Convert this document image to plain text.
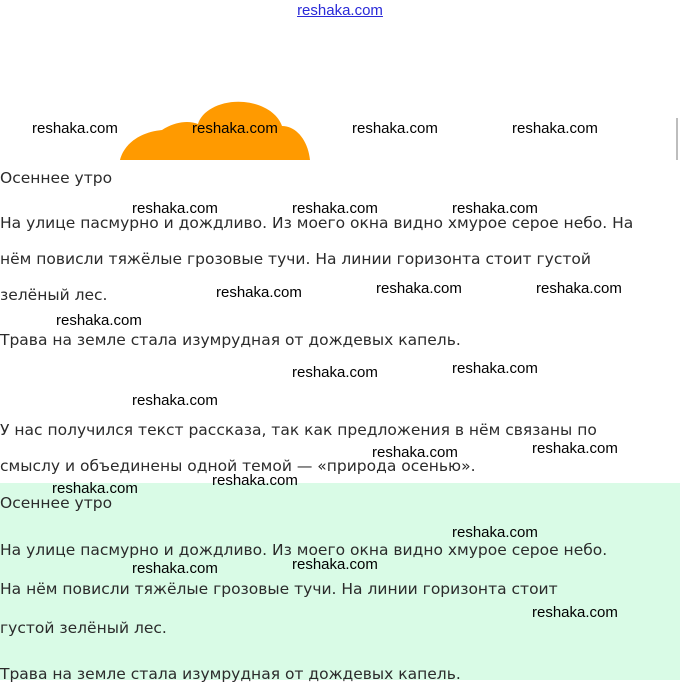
reshaka.com

Осеннее утро

На улице пасмурно и дождливо. Из моего окна видно хмурое серое небо. На

нём повисли тяжёлые грозовые тучи. На линии горизонта стоит густой

зелёный лес.

Трава на земле стала изумрудная от дождевых капель.

У нас получился текст рассказа, так как предложения в нём связаны по

смыслу и объединены одной темой — «природа осенью».

Осеннее утро

На улице пасмурно и дождливо. Из моего окна видно хмурое серое небо.

На нём повисли тяжёлые грозовые тучи. На линии горизонта стоит

густой зелёный лес.

Трава на земле стала изумрудная от дождевых капель.

reshaka.com	reshaka.com	reshaka.com	reshaka.com
reshaka.com	reshaka.com	reshaka.com
reshaka.com	reshaka.com	reshaka.com
reshaka.com
reshaka.com	reshaka.com
reshaka.com
reshaka.com	reshaka.com
reshaka.com
reshaka.com
reshaka.com
reshaka.com
reshaka.com
reshaka.com
